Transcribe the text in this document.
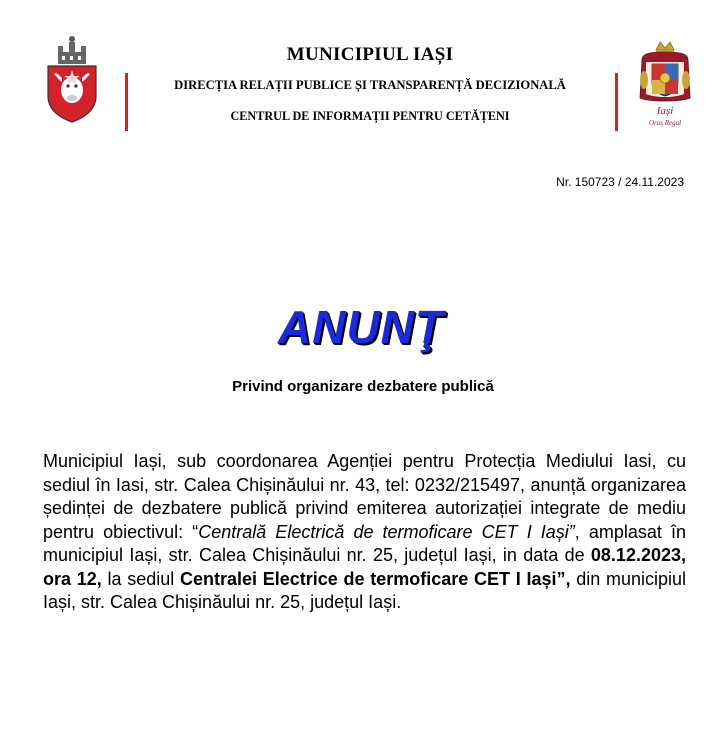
MUNICIPIUL IAȘI
DIRECȚIA RELAȚII PUBLICE ȘI TRANSPARENȚĂ DECIZIONALĂ
CENTRUL DE INFORMAȚII PENTRU CETĂȚENI	Iași
Oraș Regal
Nr. 150723 / 24.11.2023
ANUNŢ
Privind organizare dezbatere publică
Municipiul Iași, sub coordonarea Agenției pentru Protecția Mediului Iasi, cu sediul în Iasi, str. Calea Chișinăului nr. 43, tel: 0232/215497, anunță organizarea ședinței de dezbatere publică privind emiterea autorizației integrate de mediu pentru obiectivul: “Centrală Electrică de termoficare CET I Iași”, amplasat în municipiul Iași, str. Calea Chișinăului nr. 25, județul Iași, in data de 08.12.2023, ora 12, la sediul Centralei Electrice de termoficare CET I Iași”, din municipiul Iași, str. Calea Chișinăului nr. 25, județul Iași.
